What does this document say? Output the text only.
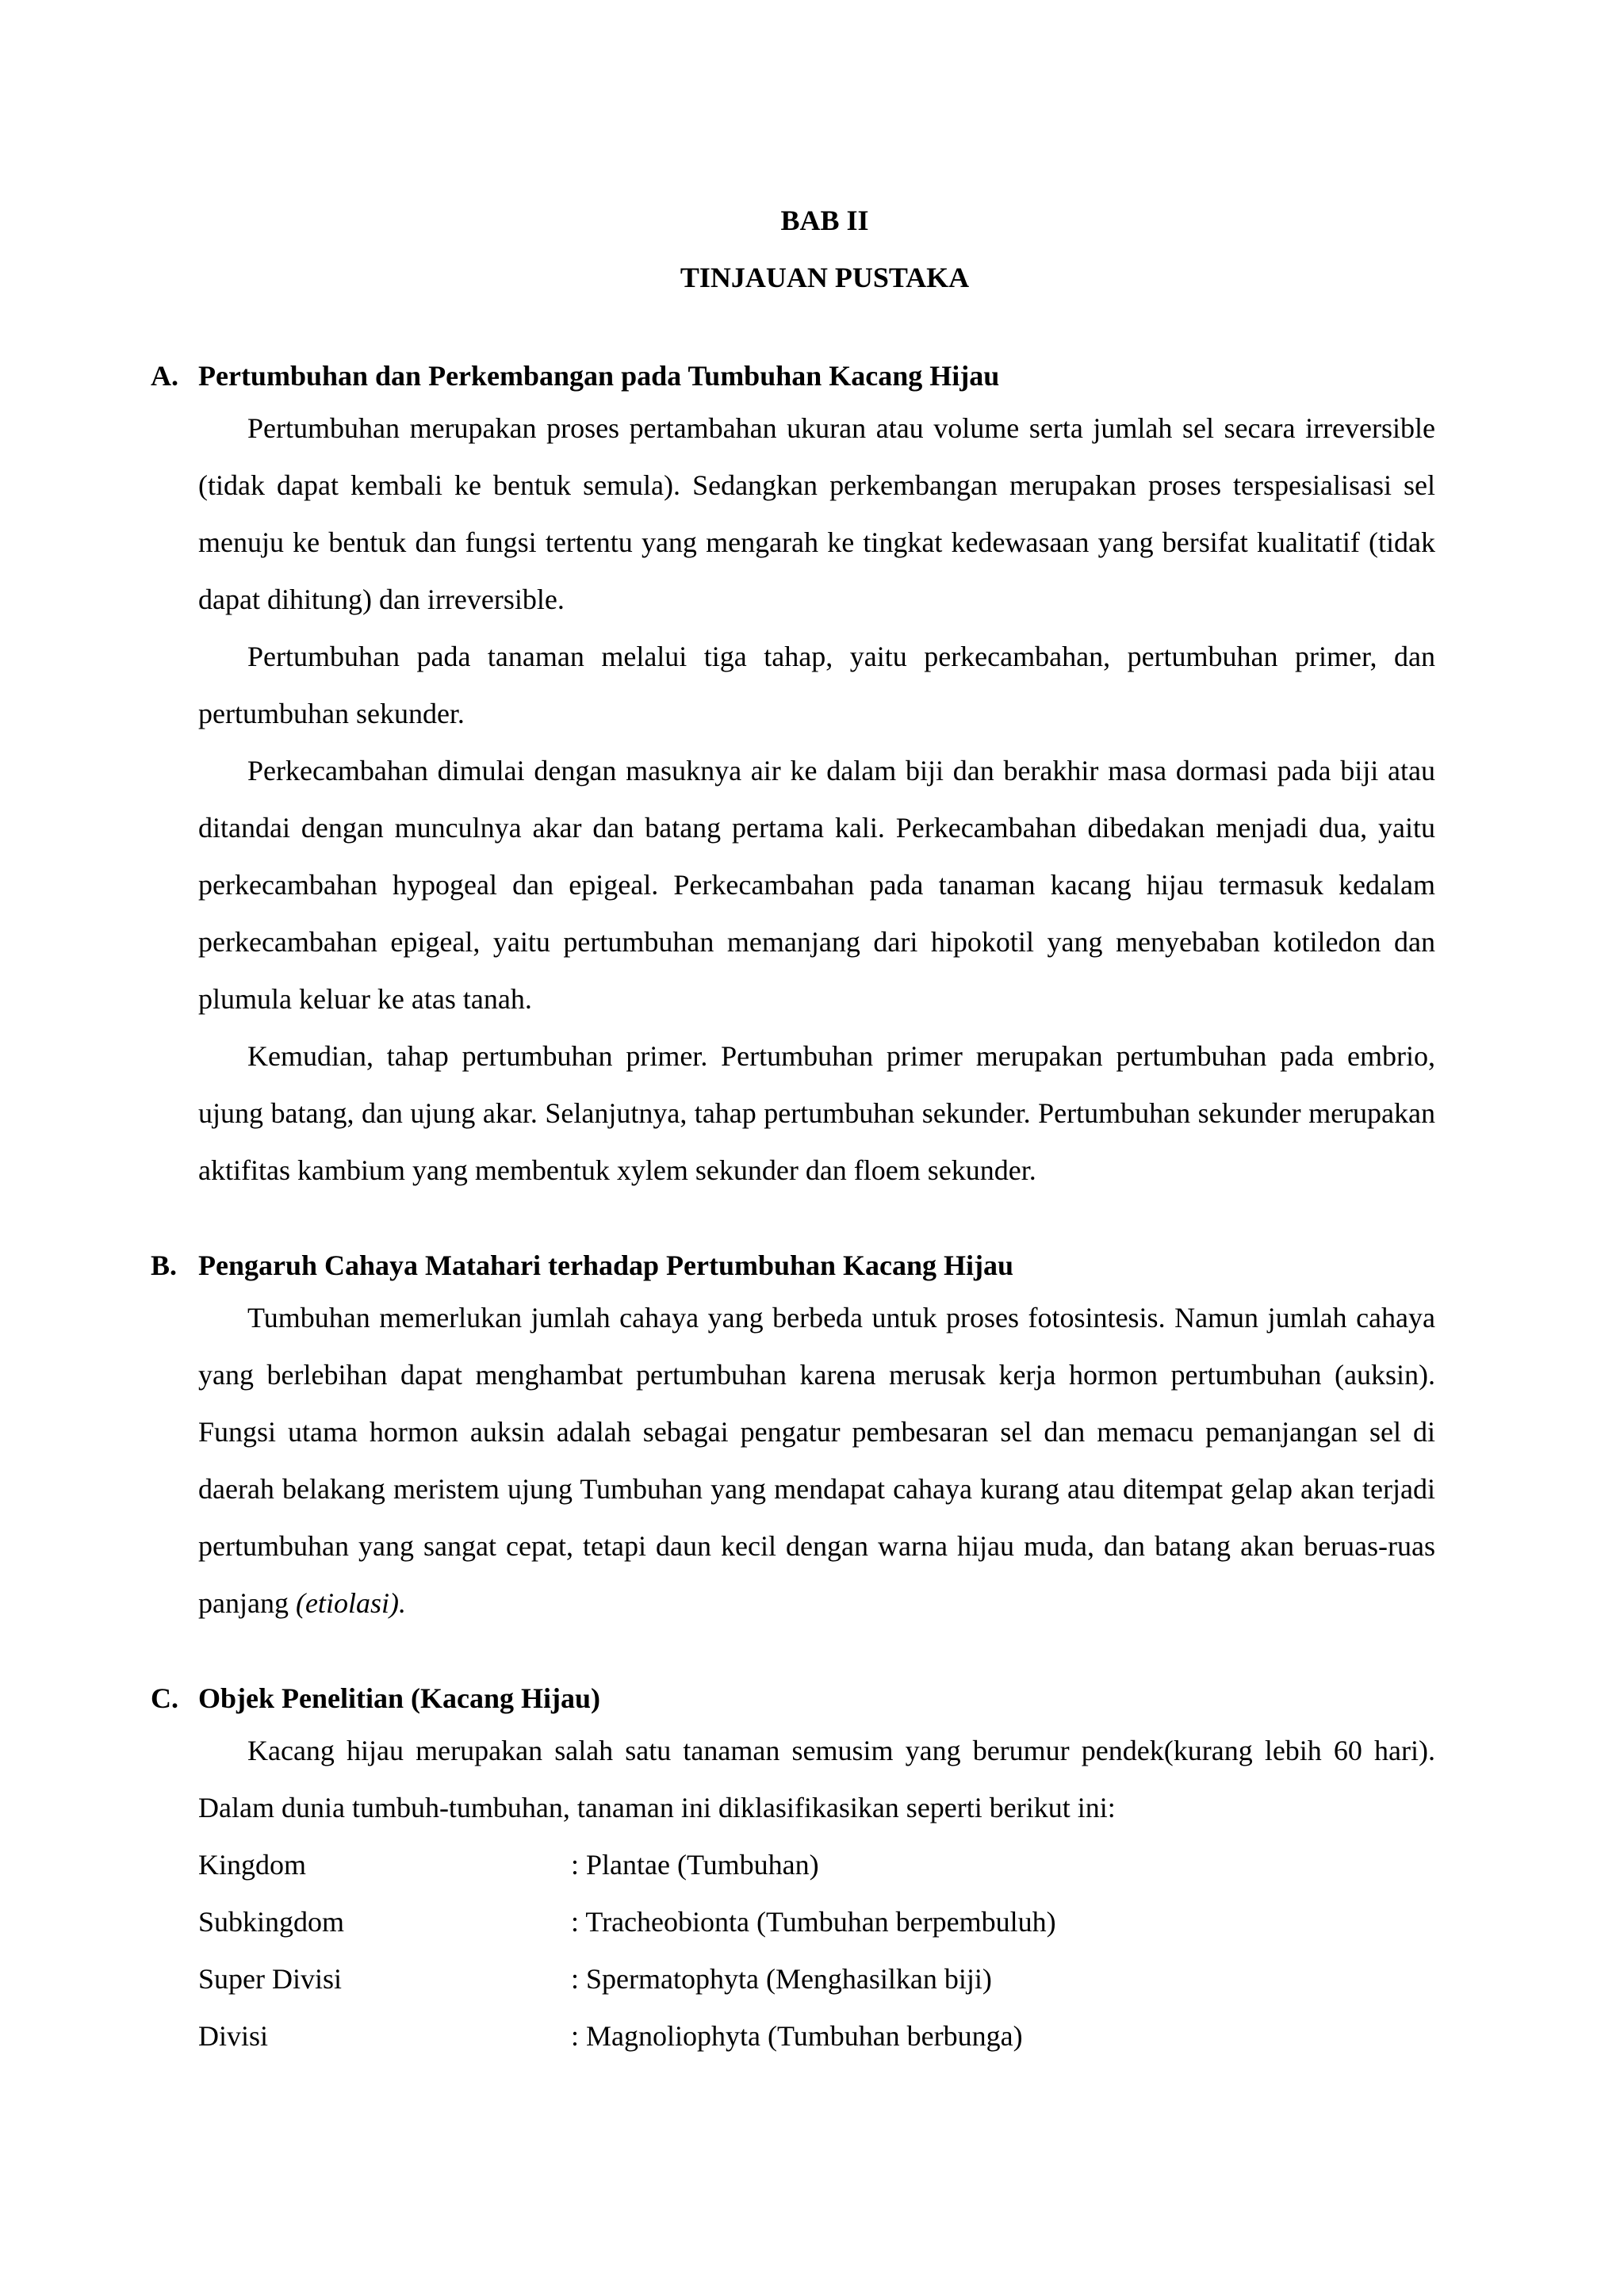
BAB II

TINJAUAN PUSTAKA

A. Pertumbuhan dan Perkembangan pada Tumbuhan Kacang Hijau

Pertumbuhan merupakan proses pertambahan ukuran atau volume serta jumlah sel secara irreversible (tidak dapat kembali ke bentuk semula). Sedangkan perkembangan merupakan proses terspesialisasi sel menuju ke bentuk dan fungsi tertentu yang mengarah ke tingkat kedewasaan yang bersifat kualitatif (tidak dapat dihitung) dan irreversible.

Pertumbuhan pada tanaman melalui tiga tahap, yaitu perkecambahan, pertumbuhan primer, dan pertumbuhan sekunder.

Perkecambahan dimulai dengan masuknya air ke dalam biji dan berakhir masa dormasi pada biji atau ditandai dengan munculnya akar dan batang pertama kali. Perkecambahan dibedakan menjadi dua, yaitu perkecambahan hypogeal dan epigeal. Perkecambahan pada tanaman kacang hijau termasuk kedalam perkecambahan epigeal, yaitu pertumbuhan memanjang dari hipokotil yang menyebaban kotiledon dan plumula keluar ke atas tanah.

Kemudian, tahap pertumbuhan primer. Pertumbuhan primer merupakan pertumbuhan pada embrio, ujung batang, dan ujung akar. Selanjutnya, tahap pertumbuhan sekunder. Pertumbuhan sekunder merupakan aktifitas kambium yang membentuk xylem sekunder dan floem sekunder.

B. Pengaruh Cahaya Matahari terhadap Pertumbuhan Kacang Hijau

Tumbuhan memerlukan jumlah cahaya yang berbeda untuk proses fotosintesis. Namun jumlah cahaya yang berlebihan dapat menghambat pertumbuhan karena merusak kerja hormon pertumbuhan (auksin). Fungsi utama hormon auksin adalah sebagai pengatur pembesaran sel dan memacu pemanjangan sel di daerah belakang meristem ujung Tumbuhan yang mendapat cahaya kurang atau ditempat gelap akan terjadi pertumbuhan yang sangat cepat, tetapi daun kecil dengan warna hijau muda, dan batang akan beruas-ruas panjang (etiolasi).

C. Objek Penelitian (Kacang Hijau)

Kacang hijau merupakan salah satu tanaman semusim yang berumur pendek(kurang lebih 60 hari). Dalam dunia tumbuh-tumbuhan, tanaman ini diklasifikasikan seperti berikut ini:

Kingdom	: Plantae (Tumbuhan)
Subkingdom	: Tracheobionta (Tumbuhan berpembuluh)
Super Divisi	: Spermatophyta (Menghasilkan biji)
Divisi	: Magnoliophyta (Tumbuhan berbunga)
